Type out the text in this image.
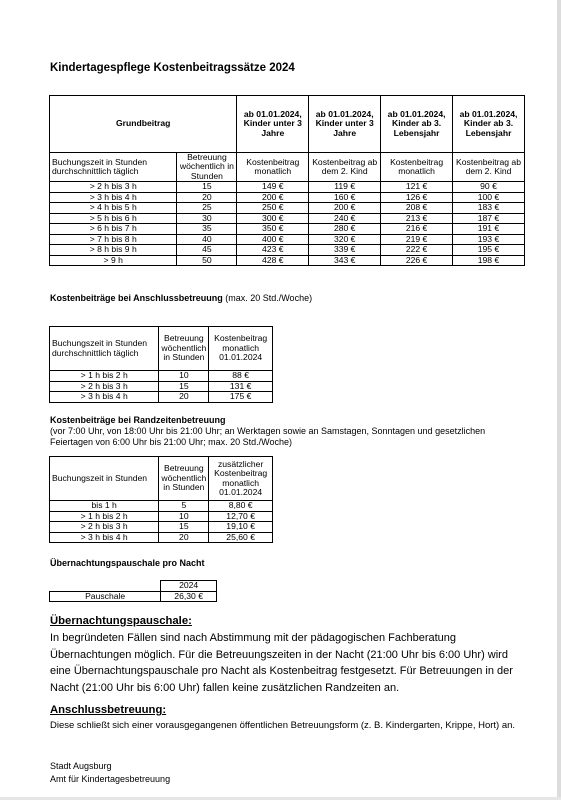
Kindertagespflege Kostenbeitragssätze 2024
Grundbeitrag		ab 01.01.2024, Kinder unter 3 Jahre	ab 01.01.2024, Kinder unter 3 Jahre	ab 01.01.2024, Kinder ab 3. Lebensjahr	ab 01.01.2024, Kinder ab 3. Lebensjahr
Buchungszeit in Stunden durchschnittlich täglich	Betreuung wöchentlich in Stunden	Kostenbeitrag monatlich	Kostenbeitrag ab dem 2. Kind	Kostenbeitrag monatlich	Kostenbeitrag ab dem 2. Kind
> 2 h bis 3 h	15	149 €	119 €	121 €	90 €
> 3 h bis 4 h	20	200 €	160 €	126 €	100 €
> 4 h bis 5 h	25	250 €	200 €	208 €	183 €
> 5 h bis 6 h	30	300 €	240 €	213 €	187 €
> 6 h bis 7 h	35	350 €	280 €	216 €	191 €
> 7 h bis 8 h	40	400 €	320 €	219 €	193 €
> 8 h bis 9 h	45	423 €	339 €	222 €	195 €
> 9 h	50	428 €	343 €	226 €	198 €
Kostenbeiträge bei Anschlussbetreuung (max. 20 Std./Woche)
Buchungszeit in Stunden durchschnittlich täglich	Betreuung wöchentlich in Stunden	Kostenbeitrag monatlich 01.01.2024
> 1 h bis 2 h	10	88 €
> 2 h bis 3 h	15	131 €
> 3 h bis 4 h	20	175 €
Kostenbeiträge bei Randzeitenbetreuung
(vor 7:00 Uhr, von 18:00 Uhr bis 21:00 Uhr; an Werktagen sowie an Samstagen, Sonntagen und gesetzlichen Feiertagen von 6:00 Uhr bis 21:00 Uhr; max. 20 Std./Woche)
Buchungszeit in Stunden	Betreuung wöchentlich in Stunden	zusätzlicher Kostenbeitrag monatlich 01.01.2024
bis 1 h	5	8,80 €
> 1 h bis 2 h	10	12,70 €
> 2 h bis 3 h	15	19,10 €
> 3 h bis 4 h	20	25,60 €
Übernachtungspauschale pro Nacht
	2024
Pauschale	26,30 €
Übernachtungspauschale:
In begründeten Fällen sind nach Abstimmung mit der pädagogischen Fachberatung Übernachtungen möglich. Für die Betreuungszeiten in der Nacht (21:00 Uhr bis 6:00 Uhr) wird eine Übernachtungspauschale pro Nacht als Kostenbeitrag festgesetzt. Für Betreuungen in der Nacht (21:00 Uhr bis 6:00 Uhr) fallen keine zusätzlichen Randzeiten an.
Anschlussbetreuung:
Diese schließt sich einer vorausgegangenen öffentlichen Betreuungsform (z. B. Kindergarten, Krippe, Hort) an.
Stadt Augsburg
Amt für Kindertagesbetreuung
